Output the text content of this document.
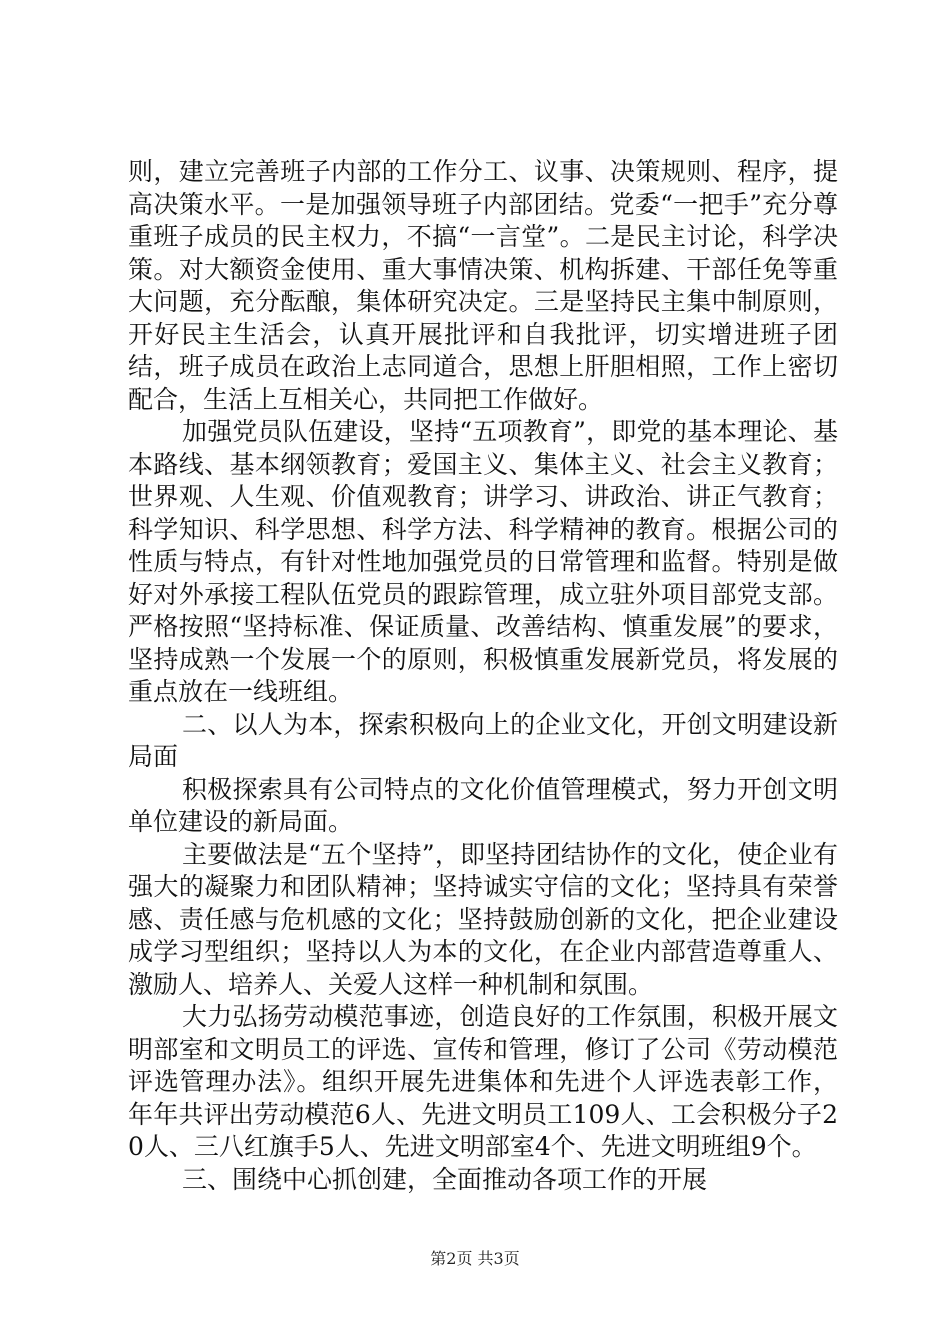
则，建立完善班子内部的工作分工、议事、决策规则、程序，提高决策水平。一是加强领导班子内部团结。党委“一把手”充分尊重班子成员的民主权力，不搞“一言堂”。二是民主讨论，科学决策。对大额资金使用、重大事情决策、机构拆建、干部任免等重大问题，充分酝酿，集体研究决定。三是坚持民主集中制原则，开好民主生活会，认真开展批评和自我批评，切实增进班子团结，班子成员在政治上志同道合，思想上肝胆相照，工作上密切配合，生活上互相关心，共同把工作做好。

加强党员队伍建设，坚持“五项教育”，即党的基本理论、基本路线、基本纲领教育；爱国主义、集体主义、社会主义教育；世界观、人生观、价值观教育；讲学习、讲政治、讲正气教育；科学知识、科学思想、科学方法、科学精神的教育。根据公司的性质与特点，有针对性地加强党员的日常管理和监督。特别是做好对外承接工程队伍党员的跟踪管理，成立驻外项目部党支部。严格按照“坚持标准、保证质量、改善结构、慎重发展”的要求，坚持成熟一个发展一个的原则，积极慎重发展新党员，将发展的重点放在一线班组。

二、以人为本，探索积极向上的企业文化，开创文明建设新局面

积极探索具有公司特点的文化价值管理模式，努力开创文明单位建设的新局面。

主要做法是“五个坚持”，即坚持团结协作的文化，使企业有强大的凝聚力和团队精神；坚持诚实守信的文化；坚持具有荣誉感、责任感与危机感的文化；坚持鼓励创新的文化，把企业建设成学习型组织；坚持以人为本的文化，在企业内部营造尊重人、激励人、培养人、关爱人这样一种机制和氛围。

大力弘扬劳动模范事迹，创造良好的工作氛围，积极开展文明部室和文明员工的评选、宣传和管理，修订了公司《劳动模范评选管理办法》。组织开展先进集体和先进个人评选表彰工作，年年共评出劳动模范6人、先进文明员工109人、工会积极分子20人、三八红旗手5人、先进文明部室4个、先进文明班组9个。

三、围绕中心抓创建，全面推动各项工作的开展

第2页 共3页
